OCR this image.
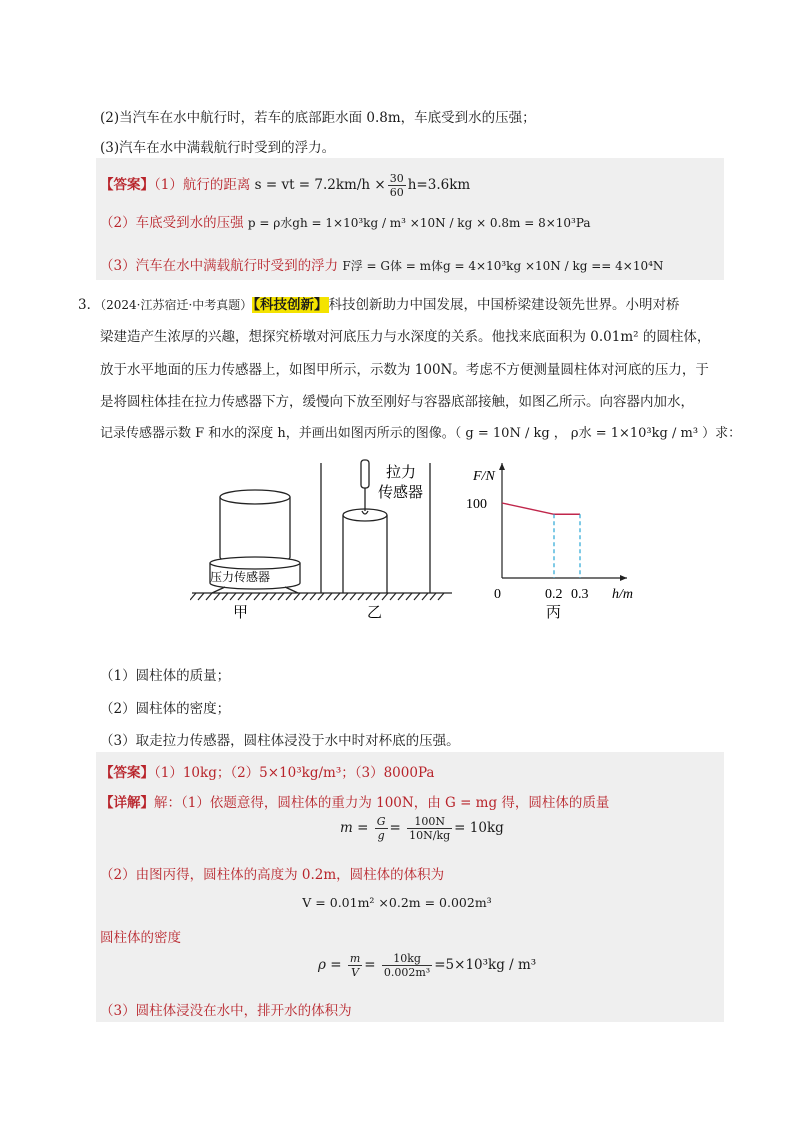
(2)当汽车在水中航行时，若车的底部距水面 0.8m，车底受到水的压强；
(3)汽车在水中满载航行时受到的浮力。
【答案】（1）航行的距离 s = vt = $7.2km/h \times \frac{30}{60} h=3.6km$
（2）车底受到水的压强 p = ρ水gh = 1×10³kg / m³ ×10N / kg × 0.8m = 8×10³Pa
（3）汽车在水中满载航行时受到的浮力 F浮 = G体 = m体g = 4×10³kg ×10N / kg == 4×10⁴N
3．（2024·江苏宿迁·中考真题）【科技创新】科技创新助力中国发展，中国桥梁建设领先世界。小明对桥
梁建造产生浓厚的兴趣，想探究桥墩对河底压力与水深度的关系。他找来底面积为 0.01m² 的圆柱体，
放于水平地面的压力传感器上，如图甲所示，示数为 100N。考虑不方便测量圆柱体对河底的压力，于
是将圆柱体挂在拉力传感器下方，缓慢向下放至刚好与容器底部接触，如图乙所示。向容器内加水，
记录传感器示数 F 和水的深度 h，并画出如图丙所示的图像。（ g = 10N / kg ， ρ水 = 1×10³kg / m³ ）求：
压力传感器
甲
拉力
传感器
乙
F/N
h/m
100
0	0.2 0.3
丙
（1）圆柱体的质量；
（2）圆柱体的密度；
（3）取走拉力传感器，圆柱体浸没于水中时对杯底的压强。
【答案】（1）10kg；（2）5×10³kg/m³；（3）8000Pa
【详解】解：（1）依题意得，圆柱体的重力为 100N，由 G = mg 得，圆柱体的质量
$m = \frac{G}{g} = \frac{100N}{10N/kg} = 10kg$
（2）由图丙得，圆柱体的高度为 0.2m，圆柱体的体积为
V = 0.01m² ×0.2m = 0.002m³
圆柱体的密度
$\rho = \frac{m}{V} = \frac{10kg}{\text{0.002m³}} =5\times 10^3kg / m^3$
（3）圆柱体浸没在水中，排开水的体积为
